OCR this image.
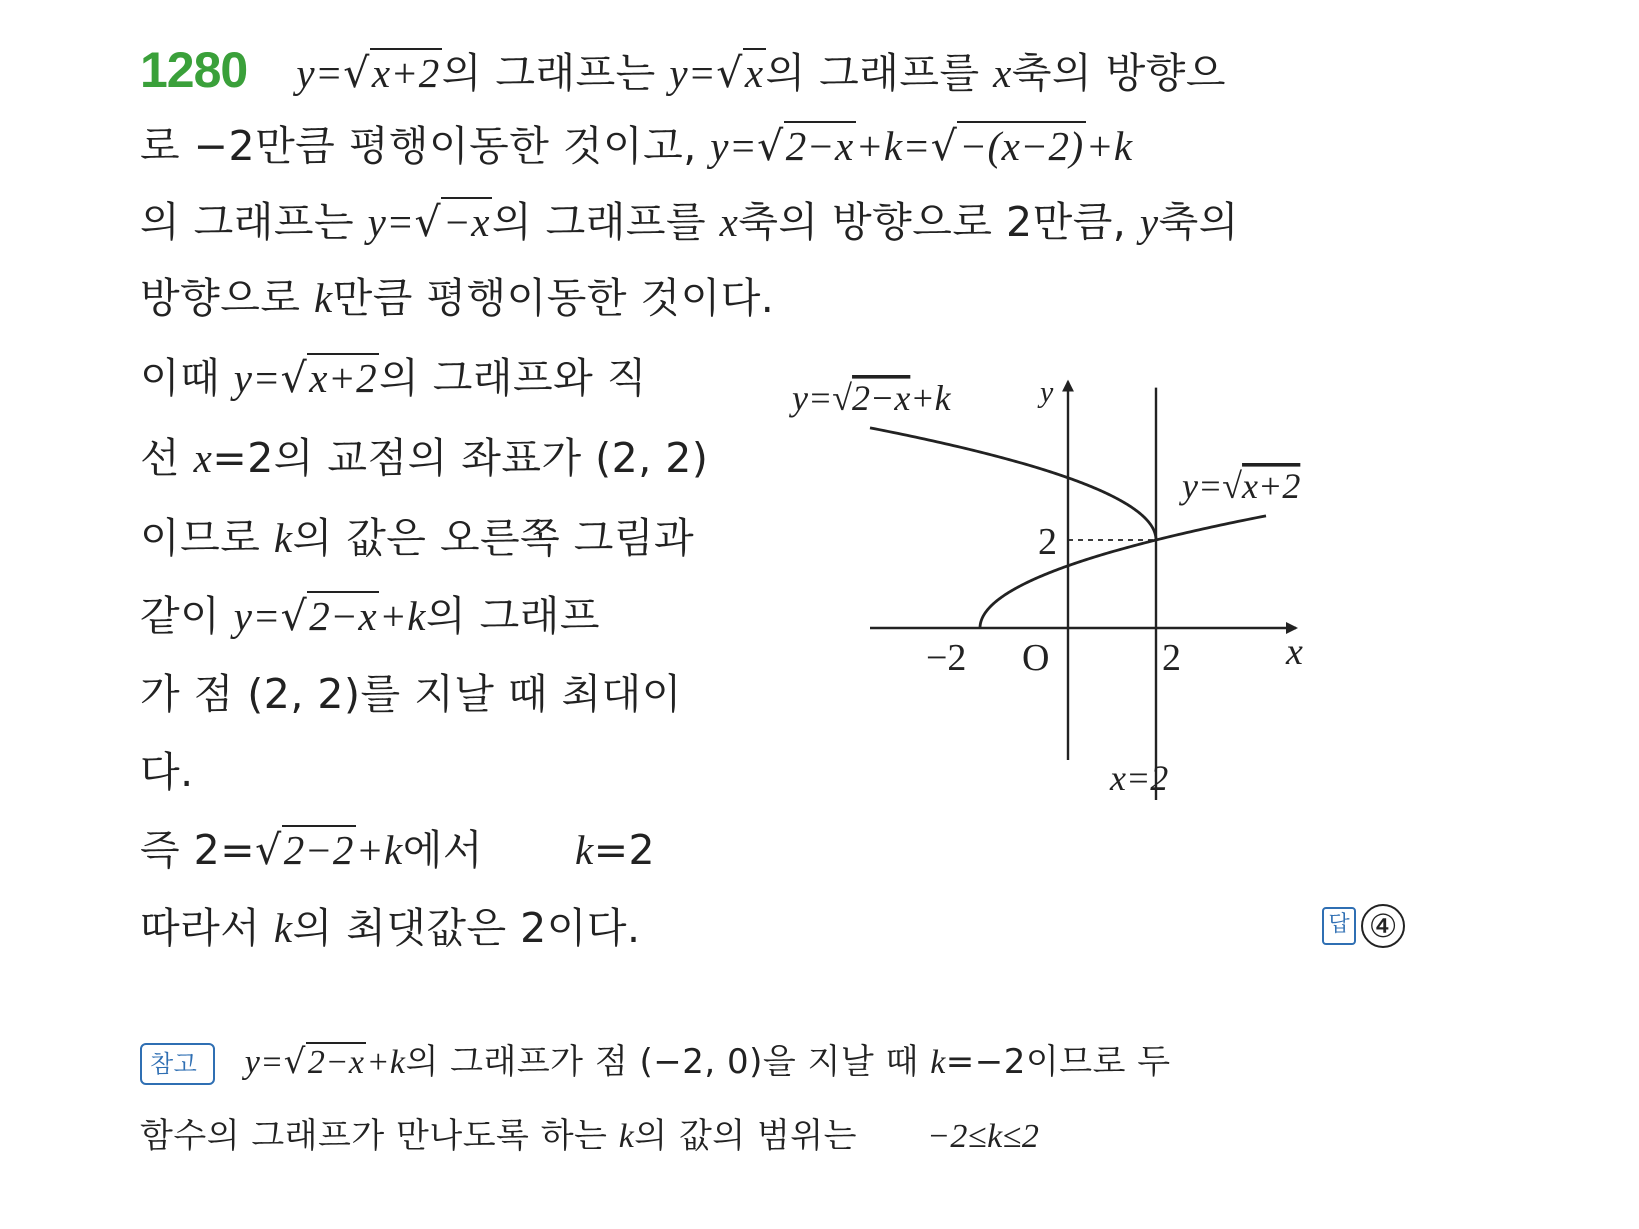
1280 y=√x+2의 그래프는 y=√x의 그래프를 x축의 방향으
로 −2만큼 평행이동한 것이고, y=√2−x+k=√−(x−2)+k
의 그래프는 y=√−x의 그래프를 x축의 방향으로 2만큼, y축의
방향으로 k만큼 평행이동한 것이다.
이때 y=√x+2의 그래프와 직
선 x=2의 교점의 좌표가 (2, 2)
이므로 k의 값은 오른쪽 그림과
같이 y=√2−x+k의 그래프
가 점 (2, 2)를 지날 때 최대이
다.
즉 2=√2−2+k에서 k=2
따라서 k의 최댓값은 2이다.	답 ④
참고 y=√2−x+k의 그래프가 점 (−2, 0)을 지날 때 k=−2이므로 두
함수의 그래프가 만나도록 하는 k의 값의 범위는 −2≤k≤2
x
y
O
−2	2
2
x=2
y=√2−x+k
y=√x+2
